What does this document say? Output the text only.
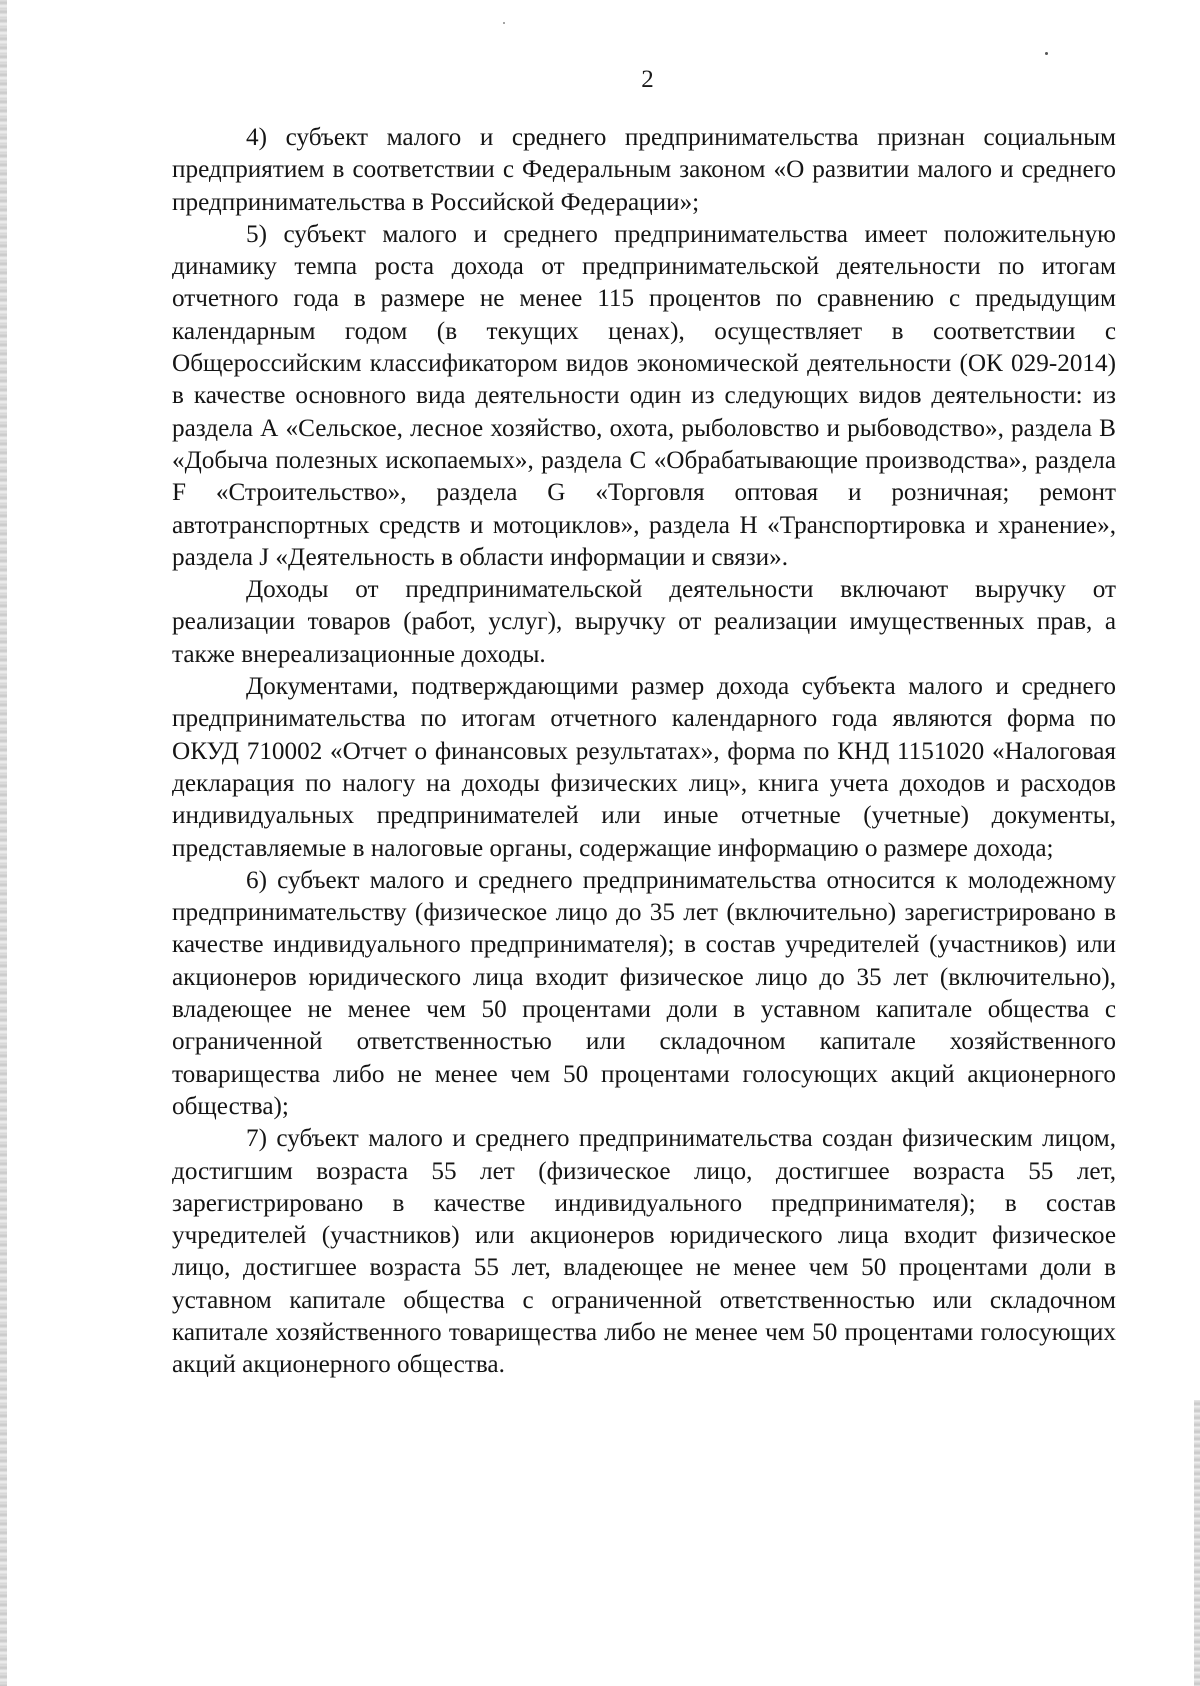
2

4) субъект малого и среднего предпринимательства признан социальным предприятием в соответствии с Федеральным законом «О развитии малого и среднего предпринимательства в Российской Федерации»;

5) субъект малого и среднего предпринимательства имеет положительную динамику темпа роста дохода от предпринимательской деятельности по итогам отчетного года в размере не менее 115 процентов по сравнению с предыдущим календарным годом (в текущих ценах), осуществляет в соответствии с Общероссийским классификатором видов экономической деятельности (ОК 029-2014) в качестве основного вида деятельности один из следующих видов деятельности: из раздела А «Сельское, лесное хозяйство, охота, рыболовство и рыбоводство», раздела В «Добыча полезных ископаемых», раздела С «Обрабатывающие производства», раздела F «Строительство», раздела G «Торговля оптовая и розничная; ремонт автотранспортных средств и мотоциклов», раздела Н «Транспортировка и хранение», раздела J «Деятельность в области информации и связи».

Доходы от предпринимательской деятельности включают выручку от реализации товаров (работ, услуг), выручку от реализации имущественных прав, а также внереализационные доходы.

Документами, подтверждающими размер дохода субъекта малого и среднего предпринимательства по итогам отчетного календарного года являются форма по ОКУД 710002 «Отчет о финансовых результатах», форма по КНД 1151020 «Налоговая декларация по налогу на доходы физических лиц», книга учета доходов и расходов индивидуальных предпринимателей или иные отчетные (учетные) документы, представляемые в налоговые органы, содержащие информацию о размере дохода;

6) субъект малого и среднего предпринимательства относится к молодежному предпринимательству (физическое лицо до 35 лет (включительно) зарегистрировано в качестве индивидуального предпринимателя); в состав учредителей (участников) или акционеров юридического лица входит физическое лицо до 35 лет (включительно), владеющее не менее чем 50 процентами доли в уставном капитале общества с ограниченной ответственностью или складочном капитале хозяйственного товарищества либо не менее чем 50 процентами голосующих акций акционерного общества);

7) субъект малого и среднего предпринимательства создан физическим лицом, достигшим возраста 55 лет (физическое лицо, достигшее возраста 55 лет, зарегистрировано в качестве индивидуального предпринимателя); в состав учредителей (участников) или акционеров юридического лица входит физическое лицо, достигшее возраста 55 лет, владеющее не менее чем 50 процентами доли в уставном капитале общества с ограниченной ответственностью или складочном капитале хозяйственного товарищества либо не менее чем 50 процентами голосующих акций акционерного общества.
